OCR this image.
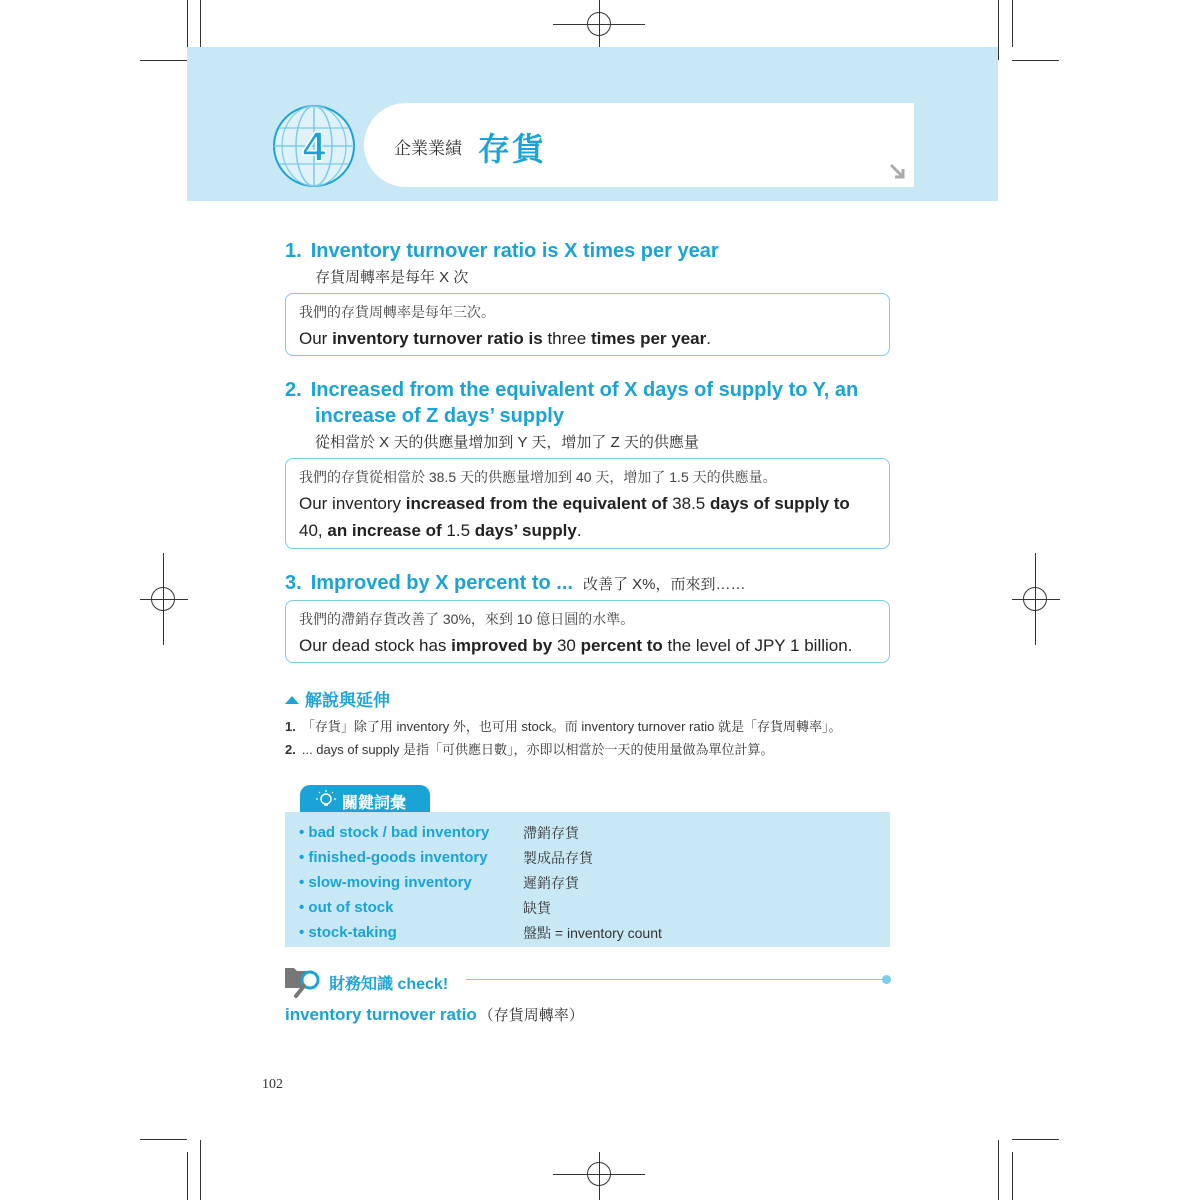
4	企業業績 存貨
1. Inventory turnover ratio is X times per year
存貨周轉率是每年 X 次
我們的存貨周轉率是每年三次。
Our inventory turnover ratio is three times per year.
2. Increased from the equivalent of X days of supply to Y, an
increase of Z days’ supply
從相當於 X 天的供應量增加到 Y 天，增加了 Z 天的供應量
我們的存貨從相當於 38.5 天的供應量增加到 40 天，增加了 1.5 天的供應量。
Our inventory increased from the equivalent of 38.5 days of supply to 40, an increase of 1.5 days’ supply.
3. Improved by X percent to ... 改善了 X%，而來到……
我們的滯銷存貨改善了 30%，來到 10 億日圓的水準。
Our dead stock has improved by 30 percent to the level of JPY 1 billion.
解說與延伸
1. 「存貨」除了用 inventory 外，也可用 stock。而 inventory turnover ratio 就是「存貨周轉率」。
2. ... days of supply 是指「可供應日數」，亦即以相當於一天的使用量做為單位計算。
關鍵詞彙
• bad stock / bad inventory	滯銷存貨
• finished-goods inventory	製成品存貨
• slow-moving inventory	遲銷存貨
• out of stock	缺貨
• stock-taking	盤點 = inventory count
財務知識 check!
inventory turnover ratio （存貨周轉率）
102
